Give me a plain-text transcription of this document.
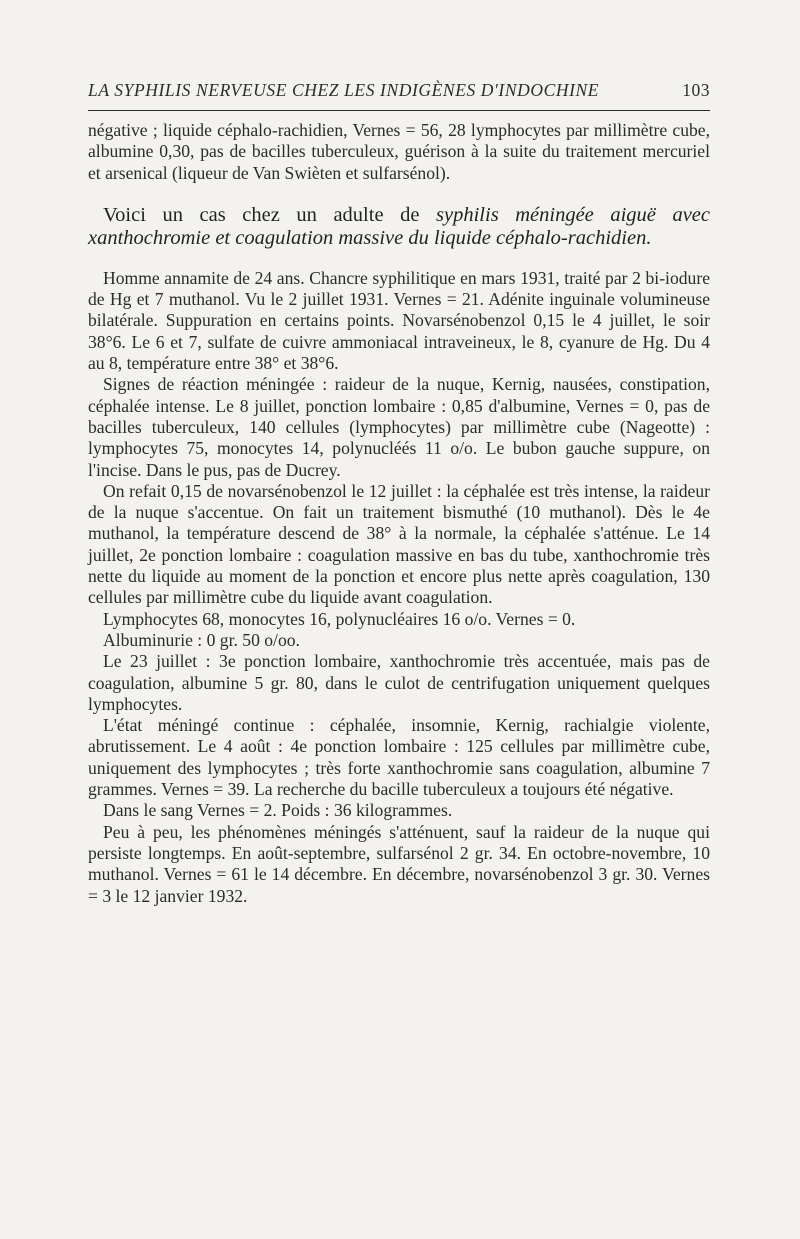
LA SYPHILIS NERVEUSE CHEZ LES INDIGÈNES D'INDOCHINE	103

négative ; liquide céphalo-rachidien, Vernes = 56, 28 lymphocytes par millimètre cube, albumine 0,30, pas de bacilles tuberculeux, guérison à la suite du traitement mercuriel et arsenical (liqueur de Van Swièten et sulfarsénol).

Voici un cas chez un adulte de syphilis méningée aiguë avec xanthochromie et coagulation massive du liquide céphalo-rachidien.

Homme annamite de 24 ans. Chancre syphilitique en mars 1931, traité par 2 bi-iodure de Hg et 7 muthanol. Vu le 2 juillet 1931. Vernes = 21. Adénite inguinale volumineuse bilatérale. Suppuration en certains points. Novarsénobenzol 0,15 le 4 juillet, le soir 38°6. Le 6 et 7, sulfate de cuivre ammoniacal intraveineux, le 8, cyanure de Hg. Du 4 au 8, température entre 38° et 38°6.

Signes de réaction méningée : raideur de la nuque, Kernig, nausées, constipation, céphalée intense. Le 8 juillet, ponction lombaire : 0,85 d'albumine, Vernes = 0, pas de bacilles tuberculeux, 140 cellules (lymphocytes) par millimètre cube (Nageotte) : lymphocytes 75, monocytes 14, polynucléés 11 o/o. Le bubon gauche suppure, on l'incise. Dans le pus, pas de Ducrey.

On refait 0,15 de novarsénobenzol le 12 juillet : la céphalée est très intense, la raideur de la nuque s'accentue. On fait un traitement bismuthé (10 muthanol). Dès le 4e muthanol, la température descend de 38° à la normale, la céphalée s'atténue. Le 14 juillet, 2e ponction lombaire : coagulation massive en bas du tube, xanthochromie très nette du liquide au moment de la ponction et encore plus nette après coagulation, 130 cellules par millimètre cube du liquide avant coagulation.

Lymphocytes 68, monocytes 16, polynucléaires 16 o/o. Vernes = 0.

Albuminurie : 0 gr. 50 o/oo.

Le 23 juillet : 3e ponction lombaire, xanthochromie très accentuée, mais pas de coagulation, albumine 5 gr. 80, dans le culot de centrifugation uniquement quelques lymphocytes.

L'état méningé continue : céphalée, insomnie, Kernig, rachialgie violente, abrutissement. Le 4 août : 4e ponction lombaire : 125 cellules par millimètre cube, uniquement des lymphocytes ; très forte xanthochromie sans coagulation, albumine 7 grammes. Vernes = 39. La recherche du bacille tuberculeux a toujours été négative.

Dans le sang Vernes = 2. Poids : 36 kilogrammes.

Peu à peu, les phénomènes méningés s'atténuent, sauf la raideur de la nuque qui persiste longtemps. En août-septembre, sulfarsénol 2 gr. 34. En octobre-novembre, 10 muthanol. Vernes = 61 le 14 décembre. En décembre, novarsénobenzol 3 gr. 30. Vernes = 3 le 12 janvier 1932.
